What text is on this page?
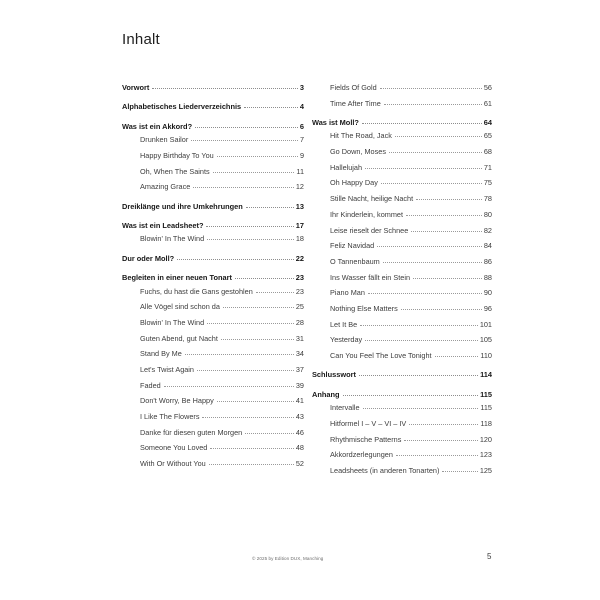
Inhalt
Vorwort	3
Alphabetisches Liederverzeichnis	4
Was ist ein Akkord?	6
Drunken Sailor	7
Happy Birthday To You	9
Oh, When The Saints	11
Amazing Grace	12
Dreiklänge und ihre Umkehrungen	13
Was ist ein Leadsheet?	17
Blowin' In The Wind	18
Dur oder Moll?	22
Begleiten in einer neuen Tonart	23
Fuchs, du hast die Gans gestohlen	23
Alle Vögel sind schon da	25
Blowin' In The Wind	28
Guten Abend, gut Nacht	31
Stand By Me	34
Let's Twist Again	37
Faded	39
Don't Worry, Be Happy	41
I Like The Flowers	43
Danke für diesen guten Morgen	46
Someone You Loved	48
With Or Without You	52
Fields Of Gold	56
Time After Time	61
Was ist Moll?	64
Hit The Road, Jack	65
Go Down, Moses	68
Hallelujah	71
Oh Happy Day	75
Stille Nacht, heilige Nacht	78
Ihr Kinderlein, kommet	80
Leise rieselt der Schnee	82
Feliz Navidad	84
O Tannenbaum	86
Ins Wasser fällt ein Stein	88
Piano Man	90
Nothing Else Matters	96
Let It Be	101
Yesterday	105
Can You Feel The Love Tonight	110
Schlusswort	114
Anhang	115
Intervalle	115
Hitformel I – V – VI – IV	118
Rhythmische Patterns	120
Akkordzerlegungen	123
Leadsheets (in anderen Tonarten)	125
© 2025 by Edition DUX, Manching	5
